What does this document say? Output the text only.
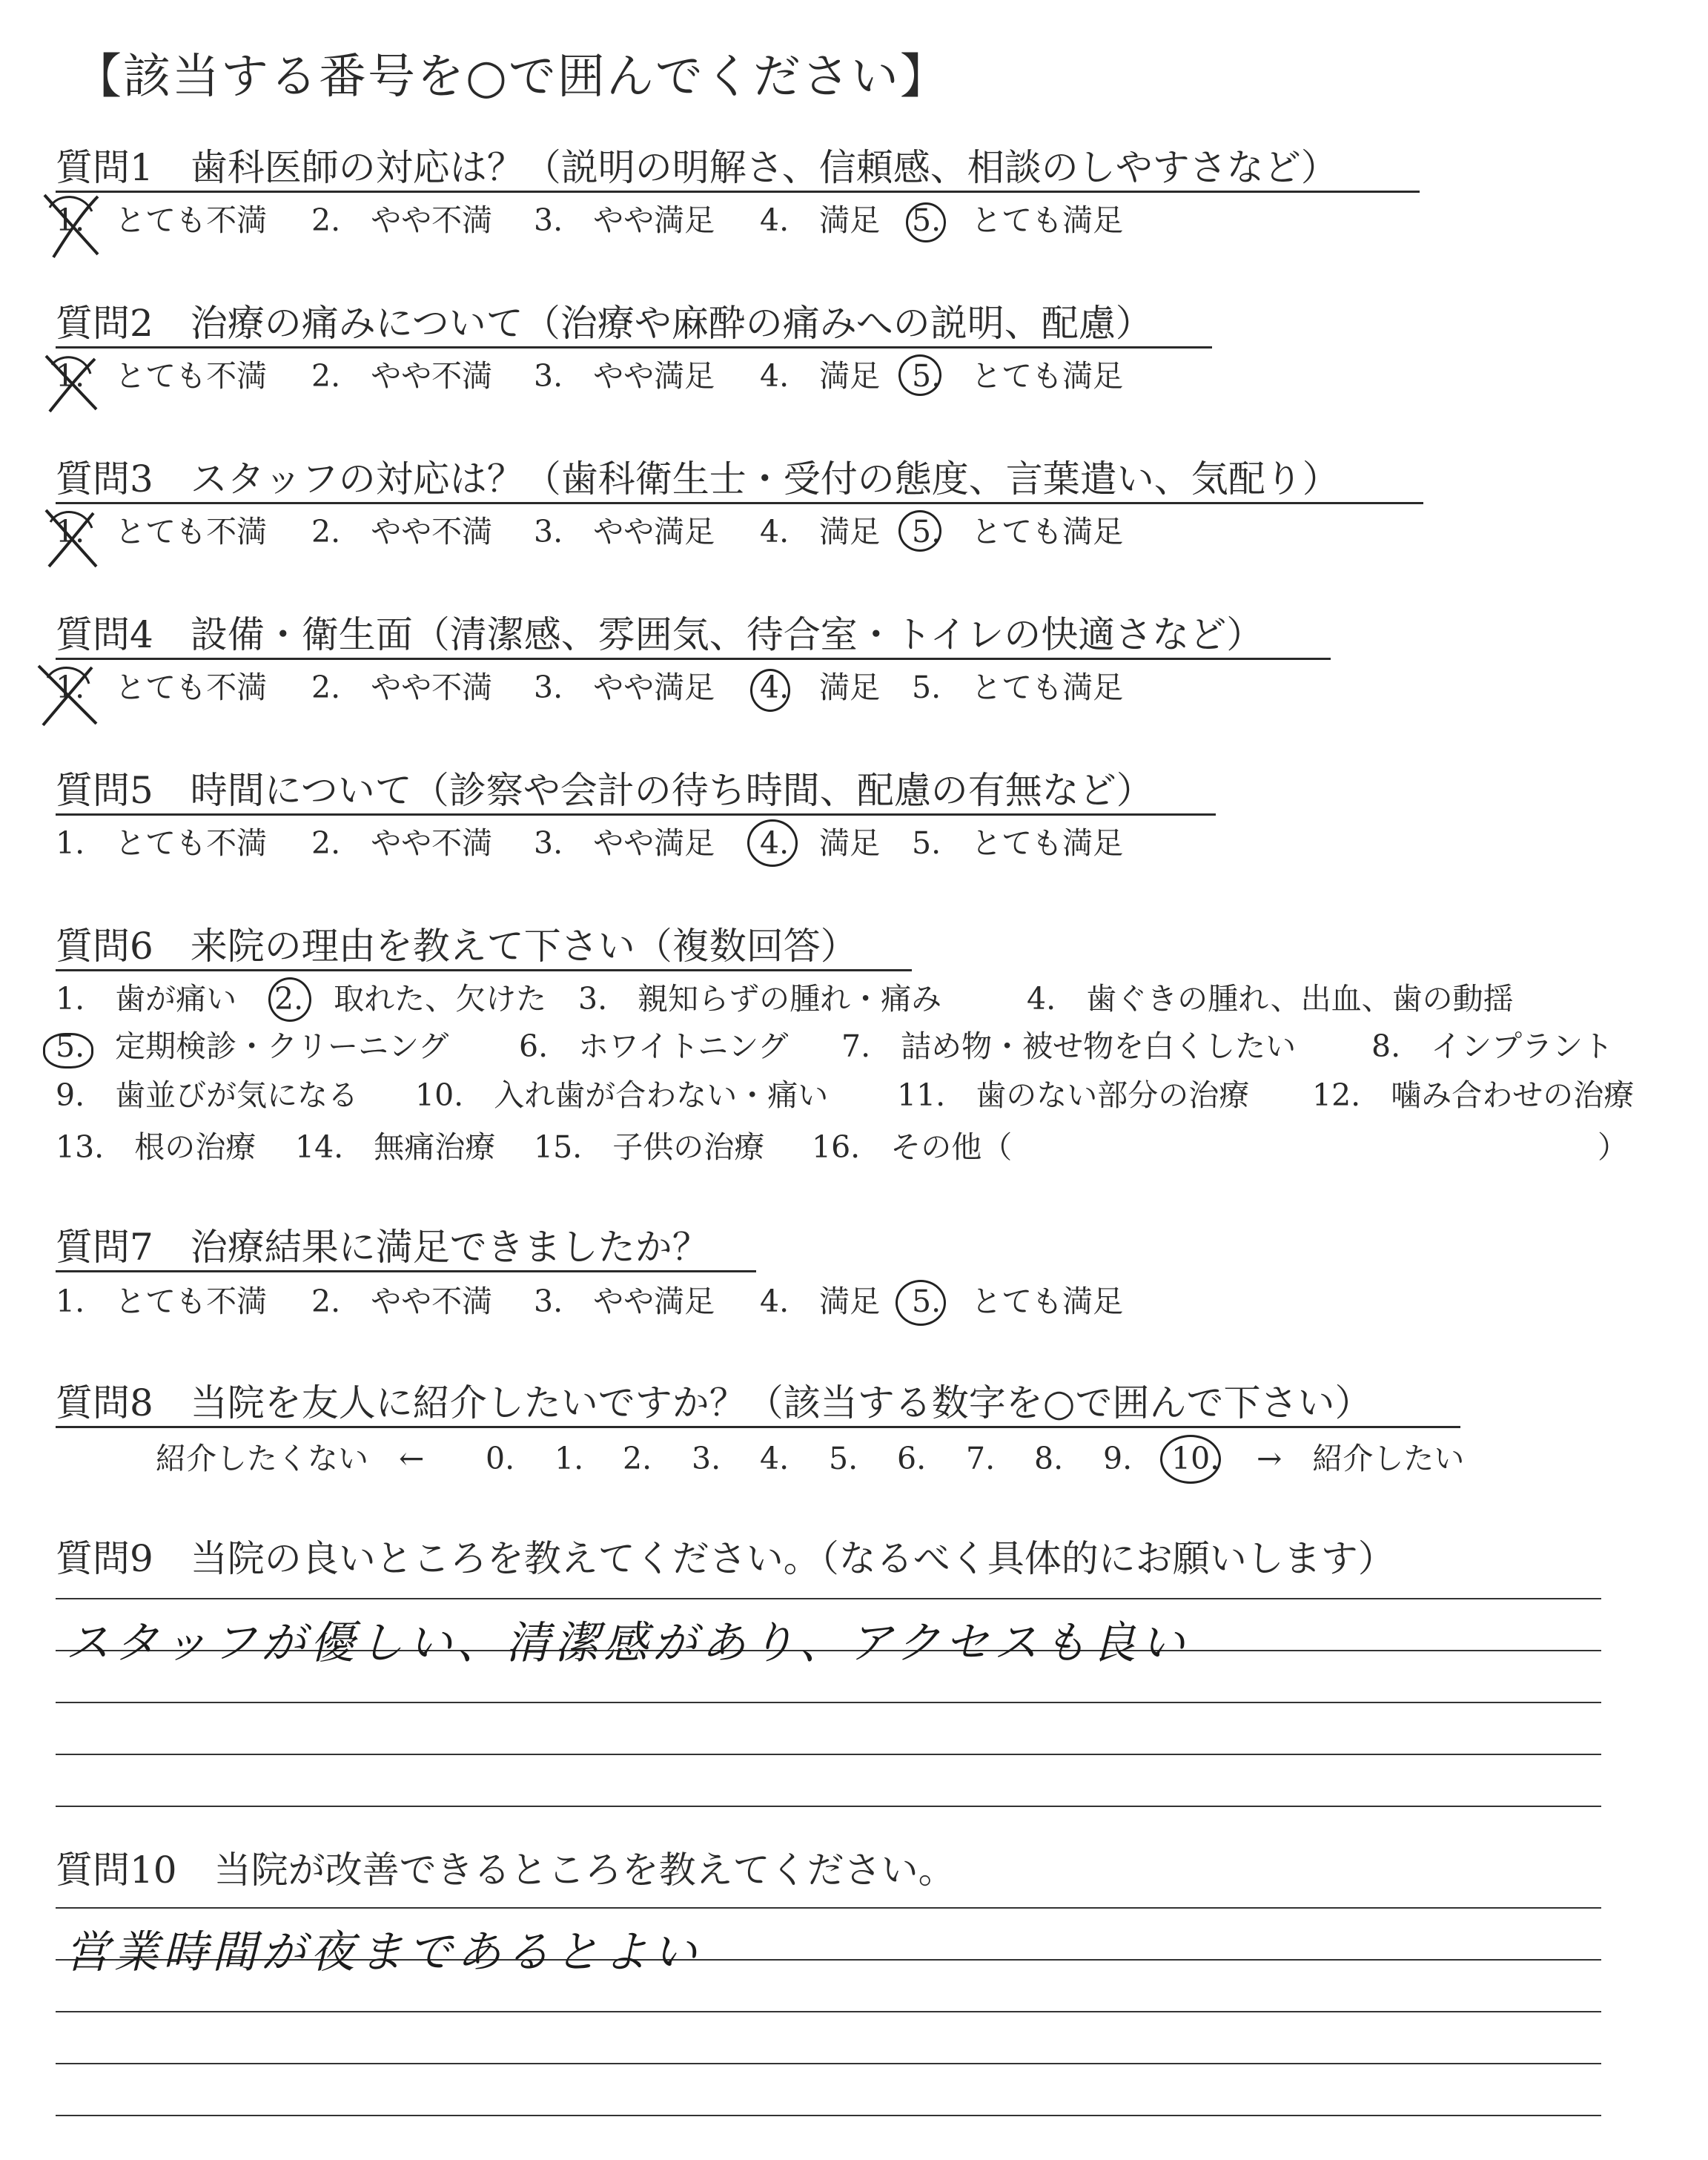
【該当する番号を○で囲んでください】
質問1　歯科医師の対応は？（説明の明解さ、信頼感、相談のしやすさなど）
1.　とても不満 2.　やや不満 3.　やや満足 4.　満足 5.　とても満足
質問2　治療の痛みについて（治療や麻酔の痛みへの説明、配慮）
1.　とても不満 2.　やや不満 3.　やや満足 4.　満足 5.　とても満足
質問3　スタッフの対応は？（歯科衛生士・受付の態度、言葉遣い、気配り）
1.　とても不満 2.　やや不満 3.　やや満足 4.　満足 5.　とても満足
質問4　設備・衛生面（清潔感、雰囲気、待合室・トイレの快適さなど）
1.　とても不満 2.　やや不満 3.　やや満足 4.　満足 5.　とても満足
質問5　時間について（診察や会計の待ち時間、配慮の有無など）
1.　とても不満 2.　やや不満 3.　やや満足 4.　満足 5.　とても満足
質問6　来院の理由を教えて下さい（複数回答）
1.　歯が痛い 2.　取れた、欠けた 3.　親知らずの腫れ・痛み	4.　歯ぐきの腫れ、出血、歯の動揺
5.　定期検診・クリーニング 6.　ホワイトニング 7.　詰め物・被せ物を白くしたい 8.　インプラント
9.　歯並びが気になる 10.　入れ歯が合わない・痛い 11.　歯のない部分の治療 12.　噛み合わせの治療
13.　根の治療 14.　無痛治療 15.　子供の治療 16.　その他（	）
質問7　治療結果に満足できましたか？
1.　とても不満 2.　やや不満 3.　やや満足 4.　満足 5.　とても満足
質問8　当院を友人に紹介したいですか？（該当する数字を○で囲んで下さい）
紹介したくない　← 0. 1. 2. 3. 4. 5. 6. 7. 8. 9. 10. →　紹介したい
質問9　当院の良いところを教えてください。（なるべく具体的にお願いします）
スタッフが優しい、清潔感があり、アクセスも良い
質問10　当院が改善できるところを教えてください。
営業時間が夜まであるとよい
